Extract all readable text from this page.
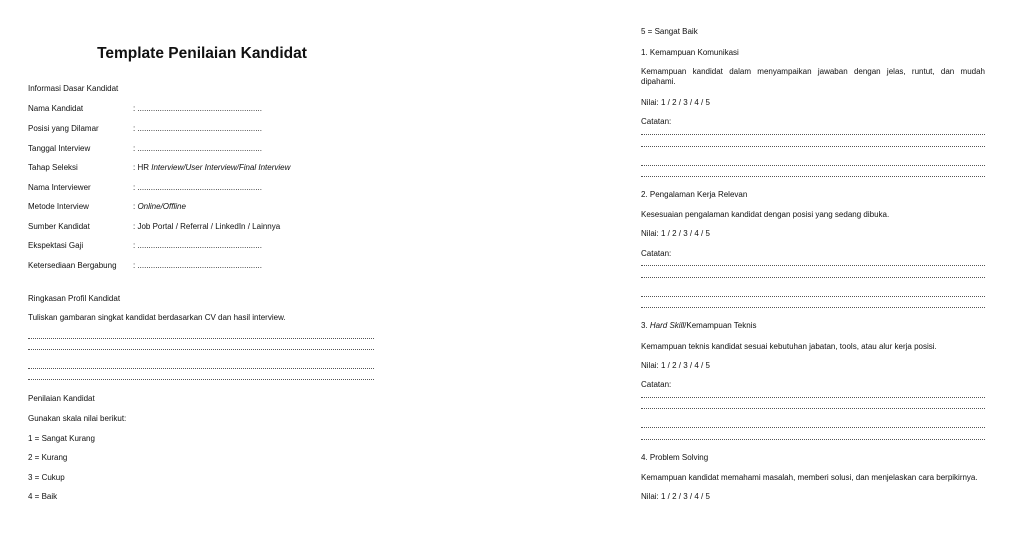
Template Penilaian Kandidat
Informasi Dasar Kandidat
Nama Kandidat	: ........................................................
Posisi yang Dilamar	: ........................................................
Tanggal Interview	: ........................................................
Tahap Seleksi	: HR Interview/User Interview/Final Interview
Nama Interviewer	: ........................................................
Metode Interview	: Online/Offline
Sumber Kandidat	: Job Portal / Referral / LinkedIn / Lainnya
Ekspektasi Gaji	: ........................................................
Ketersediaan Bergabung : ........................................................
Ringkasan Profil Kandidat
Tuliskan gambaran singkat kandidat berdasarkan CV dan hasil interview.
Penilaian Kandidat
Gunakan skala nilai berikut:
1 = Sangat Kurang
2 = Kurang
3 = Cukup
4 = Baik
5 = Sangat Baik
1. Kemampuan Komunikasi
Kemampuan kandidat dalam menyampaikan jawaban dengan jelas, runtut, dan mudah dipahami.
Nilai: 1 / 2 / 3 / 4 / 5
Catatan:
2. Pengalaman Kerja Relevan
Kesesuaian pengalaman kandidat dengan posisi yang sedang dibuka.
Nilai: 1 / 2 / 3 / 4 / 5
Catatan:
3. Hard Skill/Kemampuan Teknis
Kemampuan teknis kandidat sesuai kebutuhan jabatan, tools, atau alur kerja posisi.
Nilai: 1 / 2 / 3 / 4 / 5
Catatan:
4. Problem Solving
Kemampuan kandidat memahami masalah, memberi solusi, dan menjelaskan cara berpikirnya.
Nilai: 1 / 2 / 3 / 4 / 5
